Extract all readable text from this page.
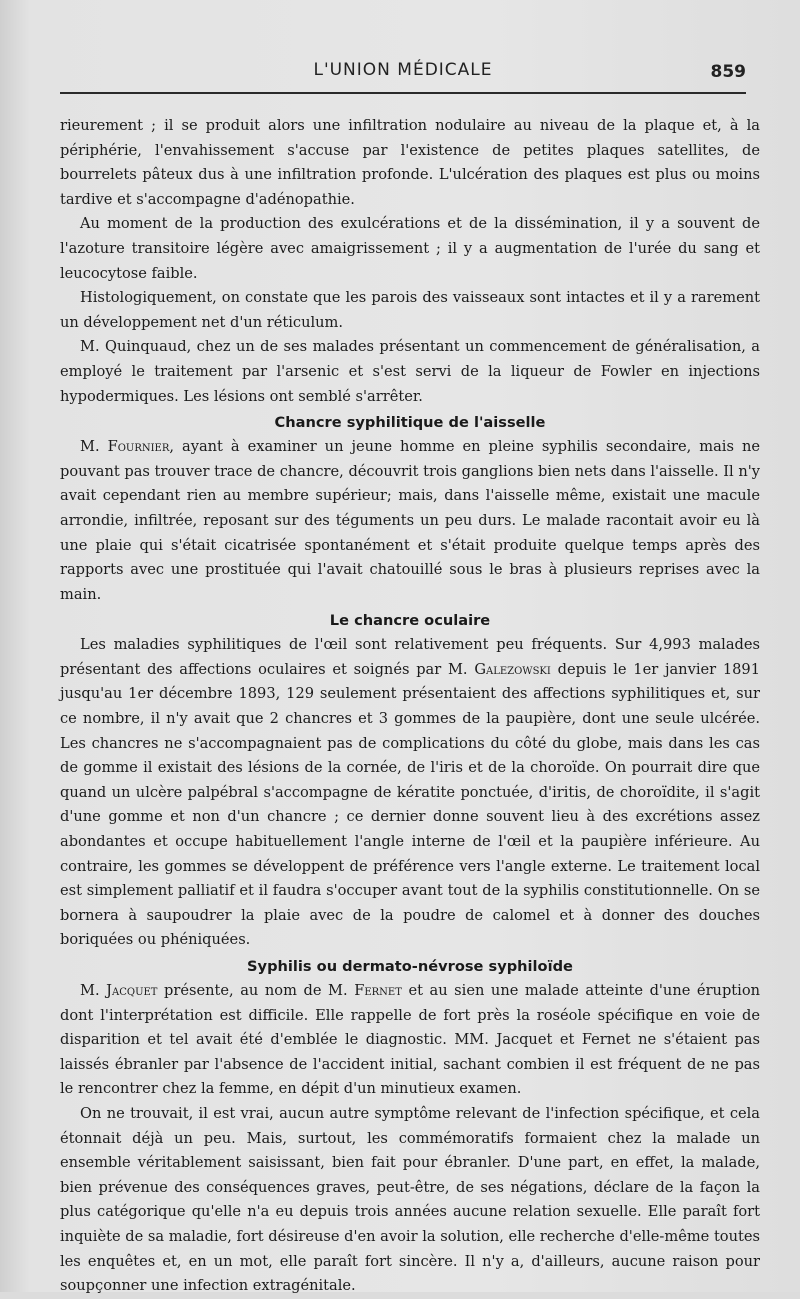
L'UNION MÉDICALE	859

rieurement ; il se produit alors une infiltration nodulaire au niveau de la plaque et, à la périphérie, l'envahissement s'accuse par l'existence de petites plaques satellites, de bourrelets pâteux dus à une infiltration profonde. L'ulcération des plaques est plus ou moins tardive et s'accompagne d'adénopathie.

Au moment de la production des exulcérations et de la dissémination, il y a souvent de l'azoture transitoire légère avec amaigrissement ; il y a augmentation de l'urée du sang et leucocytose faible.

Histologiquement, on constate que les parois des vaisseaux sont intactes et il y a rarement un développement net d'un réticulum.

M. Quinquaud, chez un de ses malades présentant un commencement de généralisation, a employé le traitement par l'arsenic et s'est servi de la liqueur de Fowler en injections hypodermiques. Les lésions ont semblé s'arrêter.

Chancre syphilitique de l'aisselle

M. Fournier, ayant à examiner un jeune homme en pleine syphilis secondaire, mais ne pouvant pas trouver trace de chancre, découvrit trois ganglions bien nets dans l'aisselle. Il n'y avait cependant rien au membre supérieur; mais, dans l'aisselle même, existait une macule arrondie, infiltrée, reposant sur des téguments un peu durs. Le malade racontait avoir eu là une plaie qui s'était cicatrisée spontanément et s'était produite quelque temps après des rapports avec une prostituée qui l'avait chatouillé sous le bras à plusieurs reprises avec la main.

Le chancre oculaire

Les maladies syphilitiques de l'œil sont relativement peu fréquents. Sur 4,993 malades présentant des affections oculaires et soignés par M. Galezowski depuis le 1er janvier 1891 jusqu'au 1er décembre 1893, 129 seulement présentaient des affections syphilitiques et, sur ce nombre, il n'y avait que 2 chancres et 3 gommes de la paupière, dont une seule ulcérée. Les chancres ne s'accompagnaient pas de complications du côté du globe, mais dans les cas de gomme il existait des lésions de la cornée, de l'iris et de la choroïde. On pourrait dire que quand un ulcère palpébral s'accompagne de kératite ponctuée, d'iritis, de choroïdite, il s'agit d'une gomme et non d'un chancre ; ce dernier donne souvent lieu à des excrétions assez abondantes et occupe habituellement l'angle interne de l'œil et la paupière inférieure. Au contraire, les gommes se développent de préférence vers l'angle externe. Le traitement local est simplement palliatif et il faudra s'occuper avant tout de la syphilis constitutionnelle. On se bornera à saupoudrer la plaie avec de la poudre de calomel et à donner des douches boriquées ou phéniquées.

Syphilis ou dermato-névrose syphiloïde

M. Jacquet présente, au nom de M. Fernet et au sien une malade atteinte d'une éruption dont l'interprétation est difficile. Elle rappelle de fort près la roséole spécifique en voie de disparition et tel avait été d'emblée le diagnostic. MM. Jacquet et Fernet ne s'étaient pas laissés ébranler par l'absence de l'accident initial, sachant combien il est fréquent de ne pas le rencontrer chez la femme, en dépit d'un minutieux examen.

On ne trouvait, il est vrai, aucun autre symptôme relevant de l'infection spécifique, et cela étonnait déjà un peu. Mais, surtout, les commémoratifs formaient chez la malade un ensemble véritablement saisissant, bien fait pour ébranler. D'une part, en effet, la malade, bien prévenue des conséquences graves, peut-être, de ses négations, déclare de la façon la plus catégorique qu'elle n'a eu depuis trois années aucune relation sexuelle. Elle paraît fort inquiète de sa maladie, fort désireuse d'en avoir la solution, elle recherche d'elle-même toutes les enquêtes et, en un mot, elle paraît fort sincère. Il n'y a, d'ailleurs, aucune raison pour soupçonner une infection extragénitale.
